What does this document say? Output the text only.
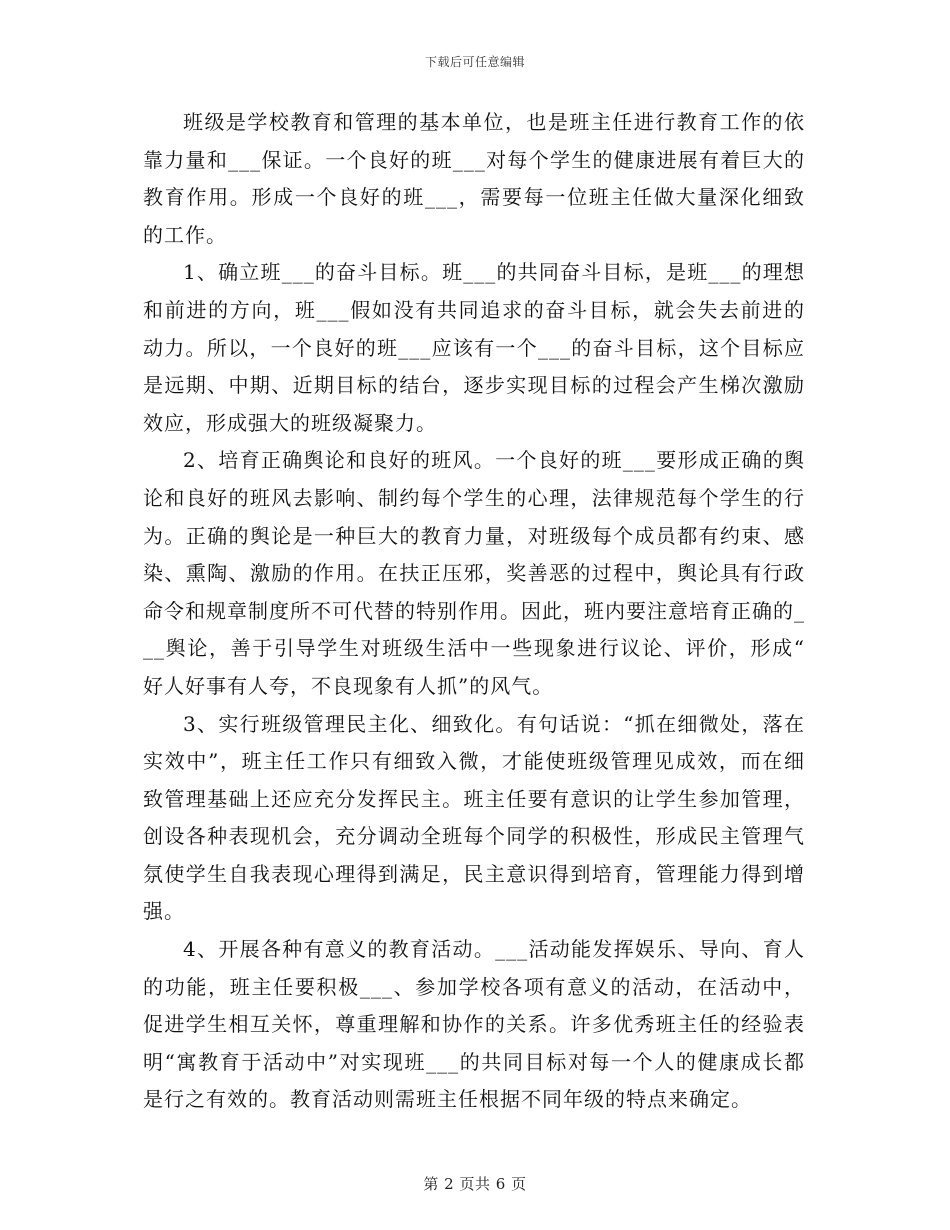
下载后可任意编辑

班级是学校教育和管理的基本单位，也是班主任进行教育工作的依靠力量和___保证。一个良好的班___对每个学生的健康进展有着巨大的教育作用。形成一个良好的班___，需要每一位班主任做大量深化细致的工作。

1、确立班___的奋斗目标。班___的共同奋斗目标，是班___的理想和前进的方向，班___假如没有共同追求的奋斗目标，就会失去前进的动力。所以，一个良好的班___应该有一个___的奋斗目标，这个目标应是远期、中期、近期目标的结台，逐步实现目标的过程会产生梯次激励效应，形成强大的班级凝聚力。

2、培育正确舆论和良好的班风。一个良好的班___要形成正确的舆论和良好的班风去影响、制约每个学生的心理，法律规范每个学生的行为。正确的舆论是一种巨大的教育力量，对班级每个成员都有约束、感染、熏陶、激励的作用。在扶正压邪，奖善恶的过程中，舆论具有行政命令和规章制度所不可代替的特别作用。因此，班内要注意培育正确的___舆论，善于引导学生对班级生活中一些现象进行议论、评价，形成“好人好事有人夸，不良现象有人抓”的风气。

3、实行班级管理民主化、细致化。有句话说：“抓在细微处，落在实效中”，班主任工作只有细致入微，才能使班级管理见成效，而在细致管理基础上还应充分发挥民主。班主任要有意识的让学生参加管理，创设各种表现机会，充分调动全班每个同学的积极性，形成民主管理气氛使学生自我表现心理得到满足，民主意识得到培育，管理能力得到增强。

4、开展各种有意义的教育活动。___活动能发挥娱乐、导向、育人的功能，班主任要积极___、参加学校各项有意义的活动，在活动中，促进学生相互关怀，尊重理解和协作的关系。许多优秀班主任的经验表明“寓教育于活动中”对实现班___的共同目标对每一个人的健康成长都是行之有效的。教育活动则需班主任根据不同年级的特点来确定。

第 2 页共 6 页
